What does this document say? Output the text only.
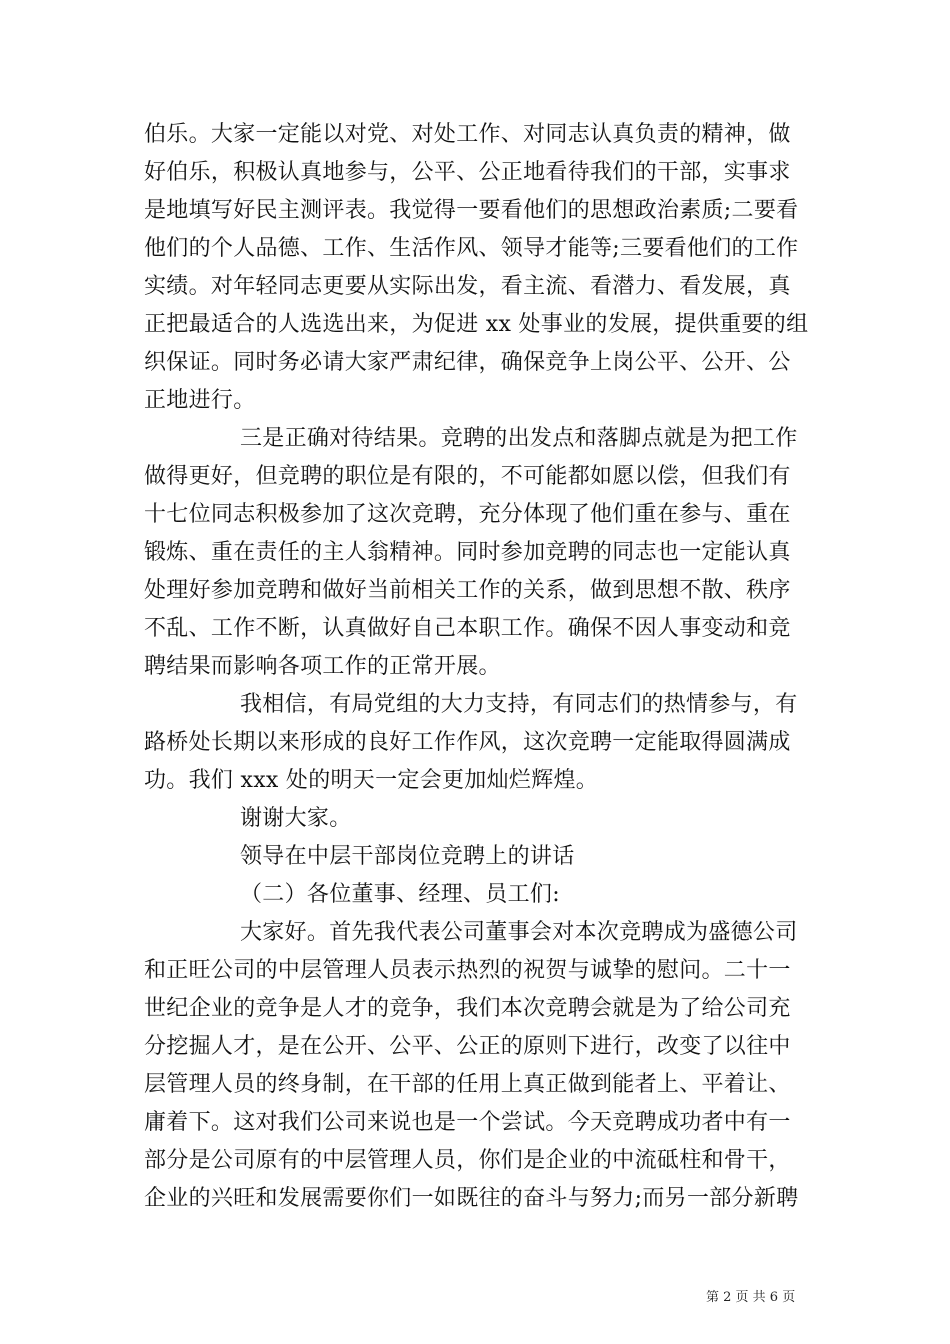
伯乐。大家一定能以对党、对处工作、对同志认真负责的精神，做
好伯乐，积极认真地参与，公平、公正地看待我们的干部，实事求
是地填写好民主测评表。我觉得一要看他们的思想政治素质;二要看
他们的个人品德、工作、生活作风、领导才能等;三要看他们的工作
实绩。对年轻同志更要从实际出发，看主流、看潜力、看发展，真
正把最适合的人选选出来，为促进 xx 处事业的发展，提供重要的组
织保证。同时务必请大家严肃纪律，确保竞争上岗公平、公开、公
正地进行。
三是正确对待结果。竞聘的出发点和落脚点就是为把工作
做得更好，但竞聘的职位是有限的，不可能都如愿以偿，但我们有
十七位同志积极参加了这次竞聘，充分体现了他们重在参与、重在
锻炼、重在责任的主人翁精神。同时参加竞聘的同志也一定能认真
处理好参加竞聘和做好当前相关工作的关系，做到思想不散、秩序
不乱、工作不断，认真做好自己本职工作。确保不因人事变动和竞
聘结果而影响各项工作的正常开展。
我相信，有局党组的大力支持，有同志们的热情参与，有
路桥处长期以来形成的良好工作作风，这次竞聘一定能取得圆满成
功。我们 xxx 处的明天一定会更加灿烂辉煌。
谢谢大家。
领导在中层干部岗位竞聘上的讲话
（二）各位董事、经理、员工们:
大家好。首先我代表公司董事会对本次竞聘成为盛德公司
和正旺公司的中层管理人员表示热烈的祝贺与诚挚的慰问。二十一
世纪企业的竞争是人才的竞争，我们本次竞聘会就是为了给公司充
分挖掘人才，是在公开、公平、公正的原则下进行，改变了以往中
层管理人员的终身制，在干部的任用上真正做到能者上、平着让、
庸着下。这对我们公司来说也是一个尝试。今天竞聘成功者中有一
部分是公司原有的中层管理人员，你们是企业的中流砥柱和骨干，
企业的兴旺和发展需要你们一如既往的奋斗与努力;而另一部分新聘
第 2 页 共 6 页
